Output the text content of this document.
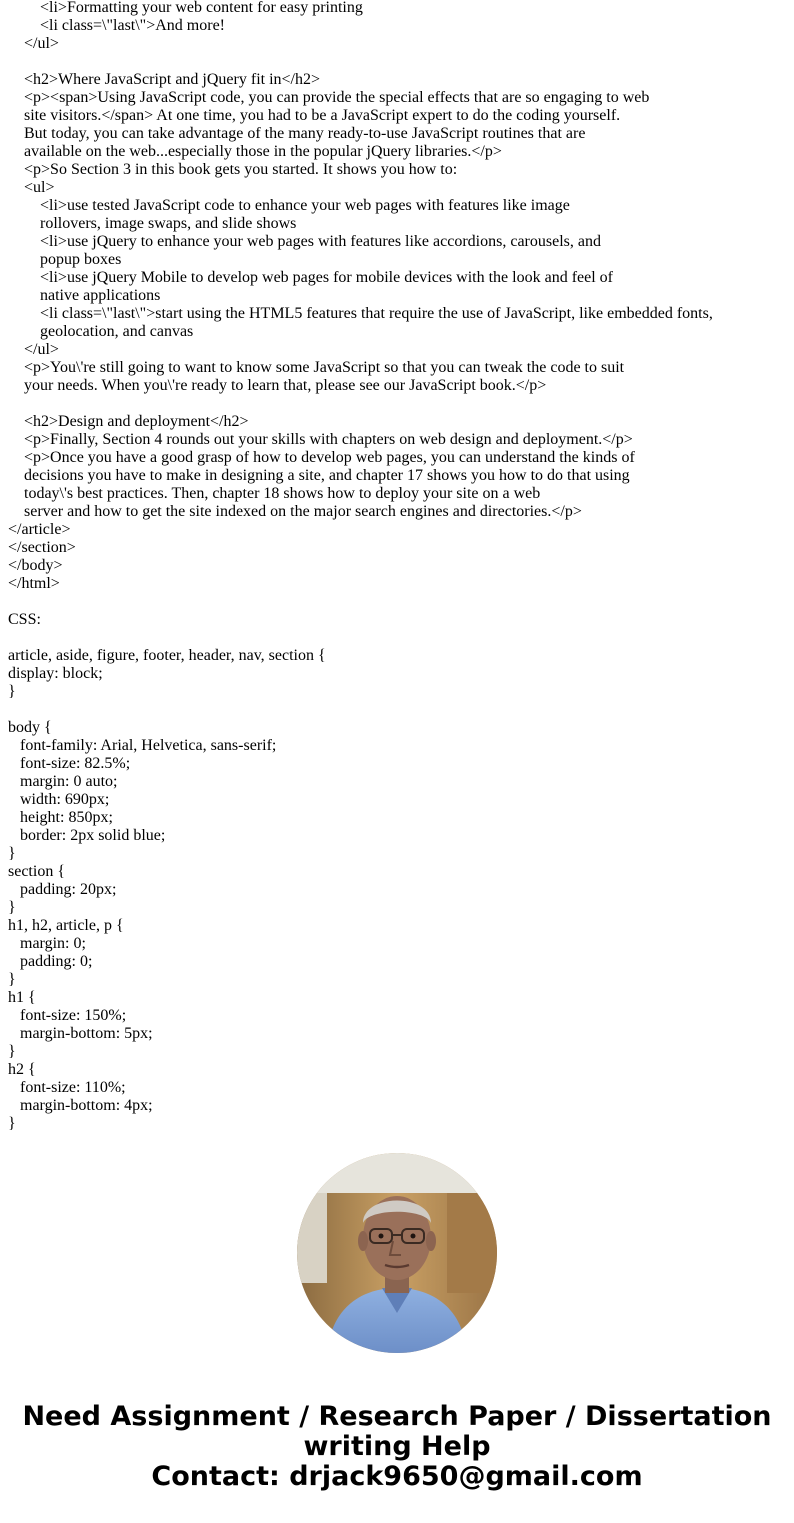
<li>Formatting your web content for easy printing
<li class=\"last\">And more!
</ul>
<h2>Where JavaScript and jQuery fit in</h2>
<p><span>Using JavaScript code, you can provide the special effects that are so engaging to web
site visitors.</span> At one time, you had to be a JavaScript expert to do the coding yourself.
But today, you can take advantage of the many ready-to-use JavaScript routines that are
available on the web...especially those in the popular jQuery libraries.</p>
<p>So Section 3 in this book gets you started. It shows you how to:
<ul>
<li>use tested JavaScript code to enhance your web pages with features like image
rollovers, image swaps, and slide shows
<li>use jQuery to enhance your web pages with features like accordions, carousels, and
popup boxes
<li>use jQuery Mobile to develop web pages for mobile devices with the look and feel of
native applications
<li class=\"last\">start using the HTML5 features that require the use of JavaScript, like embedded fonts,
geolocation, and canvas
</ul>
<p>You\'re still going to want to know some JavaScript so that you can tweak the code to suit
your needs. When you\'re ready to learn that, please see our JavaScript book.</p>
<h2>Design and deployment</h2>
<p>Finally, Section 4 rounds out your skills with chapters on web design and deployment.</p>
<p>Once you have a good grasp of how to develop web pages, you can understand the kinds of
decisions you have to make in designing a site, and chapter 17 shows you how to do that using
today\'s best practices. Then, chapter 18 shows how to deploy your site on a web
server and how to get the site indexed on the major search engines and directories.</p>
</article>
</section>
</body>
</html>
CSS:
article, aside, figure, footer, header, nav, section {
display: block;
}
body {
font-family: Arial, Helvetica, sans-serif;
font-size: 82.5%;
margin: 0 auto;
width: 690px;
height: 850px;
border: 2px solid blue;
}
section {
padding: 20px;
}
h1, h2, article, p {
margin: 0;
padding: 0;
}
h1 {
font-size: 150%;
margin-bottom: 5px;
}
h2 {
font-size: 110%;
margin-bottom: 4px;
}
Need Assignment / Research Paper / Dissertation
writing Help
Contact: drjack9650@gmail.com
